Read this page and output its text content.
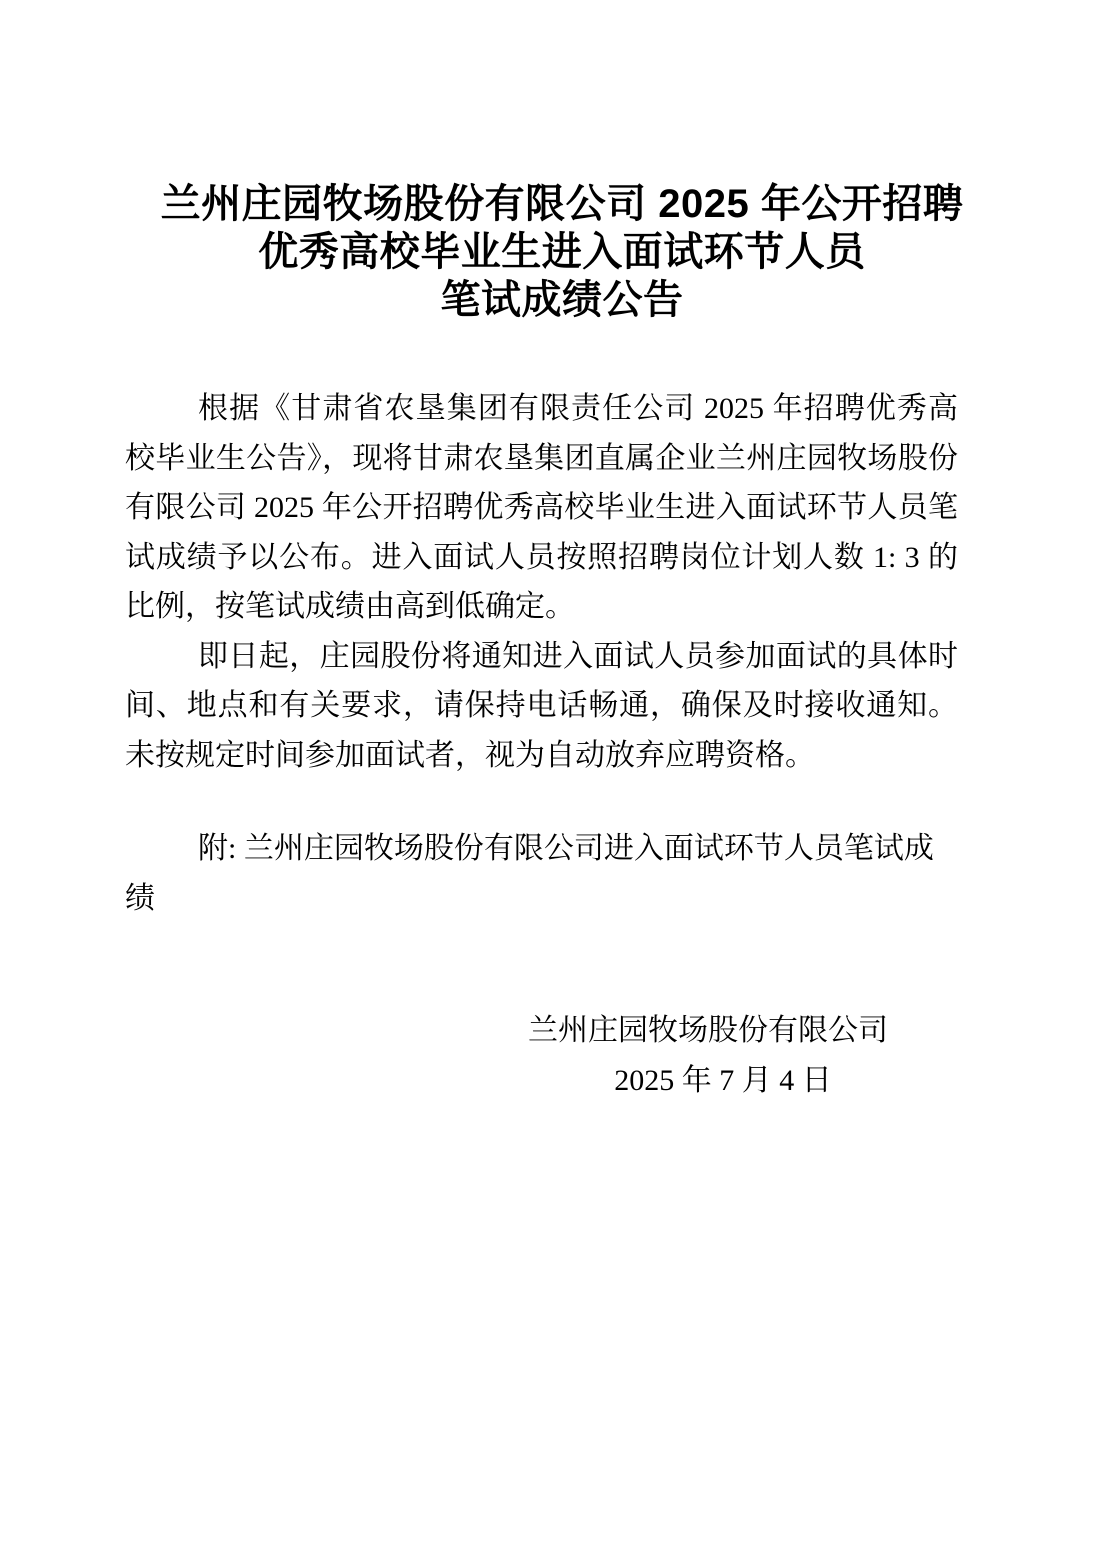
兰州庄园牧场股份有限公司 2025 年公开招聘
优秀高校毕业生进入面试环节人员
笔试成绩公告

根据《甘肃省农垦集团有限责任公司 2025 年招聘优秀高校毕业生公告》，现将甘肃农垦集团直属企业兰州庄园牧场股份有限公司 2025 年公开招聘优秀高校毕业生进入面试环节人员笔试成绩予以公布。进入面试人员按照招聘岗位计划人数 1: 3 的比例，按笔试成绩由高到低确定。

即日起，庄园股份将通知进入面试人员参加面试的具体时间、地点和有关要求，请保持电话畅通，确保及时接收通知。未按规定时间参加面试者，视为自动放弃应聘资格。

附: 兰州庄园牧场股份有限公司进入面试环节人员笔试成绩

兰州庄园牧场股份有限公司

2025 年 7 月 4 日
